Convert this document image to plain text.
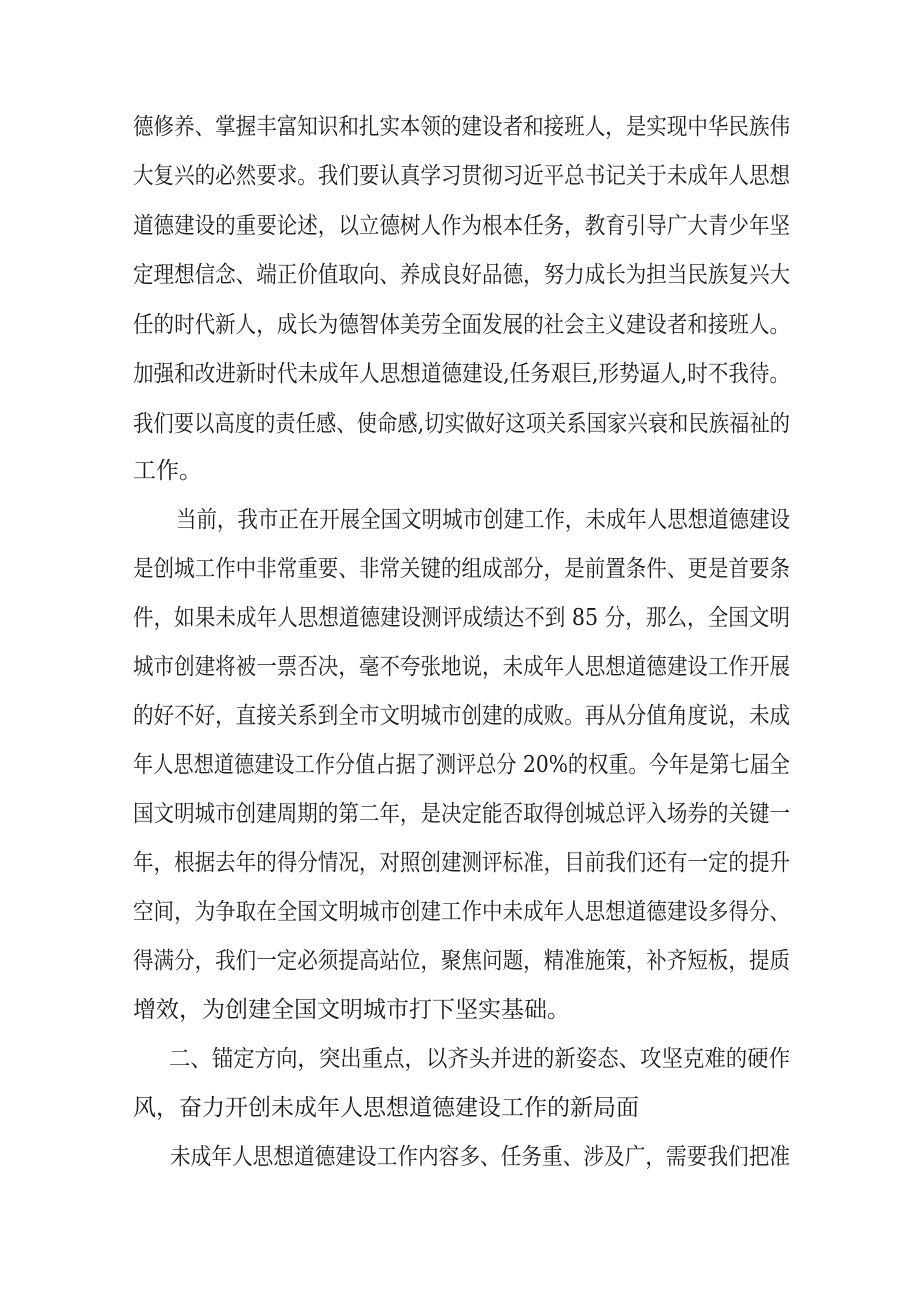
德修养、掌握丰富知识和扎实本领的建设者和接班人，是实现中华民族伟
大复兴的必然要求。我们要认真学习贯彻习近平总书记关于未成年人思想
道德建设的重要论述，以立德树人作为根本任务，教育引导广大青少年坚
定理想信念、端正价值取向、养成良好品德，努力成长为担当民族复兴大
任的时代新人，成长为德智体美劳全面发展的社会主义建设者和接班人。
加强和改进新时代未成年人思想道德建设,任务艰巨,形势逼人,时不我待。
我们要以高度的责任感、使命感,切实做好这项关系国家兴衰和民族福祉的
工作。
当前，我市正在开展全国文明城市创建工作，未成年人思想道德建设
是创城工作中非常重要、非常关键的组成部分，是前置条件、更是首要条
件，如果未成年人思想道德建设测评成绩达不到 85 分，那么，全国文明
城市创建将被一票否决，毫不夸张地说，未成年人思想道德建设工作开展
的好不好，直接关系到全市文明城市创建的成败。再从分值角度说，未成
年人思想道德建设工作分值占据了测评总分 20%的权重。今年是第七届全
国文明城市创建周期的第二年，是决定能否取得创城总评入场券的关键一
年，根据去年的得分情况，对照创建测评标准，目前我们还有一定的提升
空间，为争取在全国文明城市创建工作中未成年人思想道德建设多得分、
得满分，我们一定必须提高站位，聚焦问题，精准施策，补齐短板，提质
增效，为创建全国文明城市打下坚实基础。
二、锚定方向，突出重点，以齐头并进的新姿态、攻坚克难的硬作
风，奋力开创未成年人思想道德建设工作的新局面
未成年人思想道德建设工作内容多、任务重、涉及广，需要我们把准
